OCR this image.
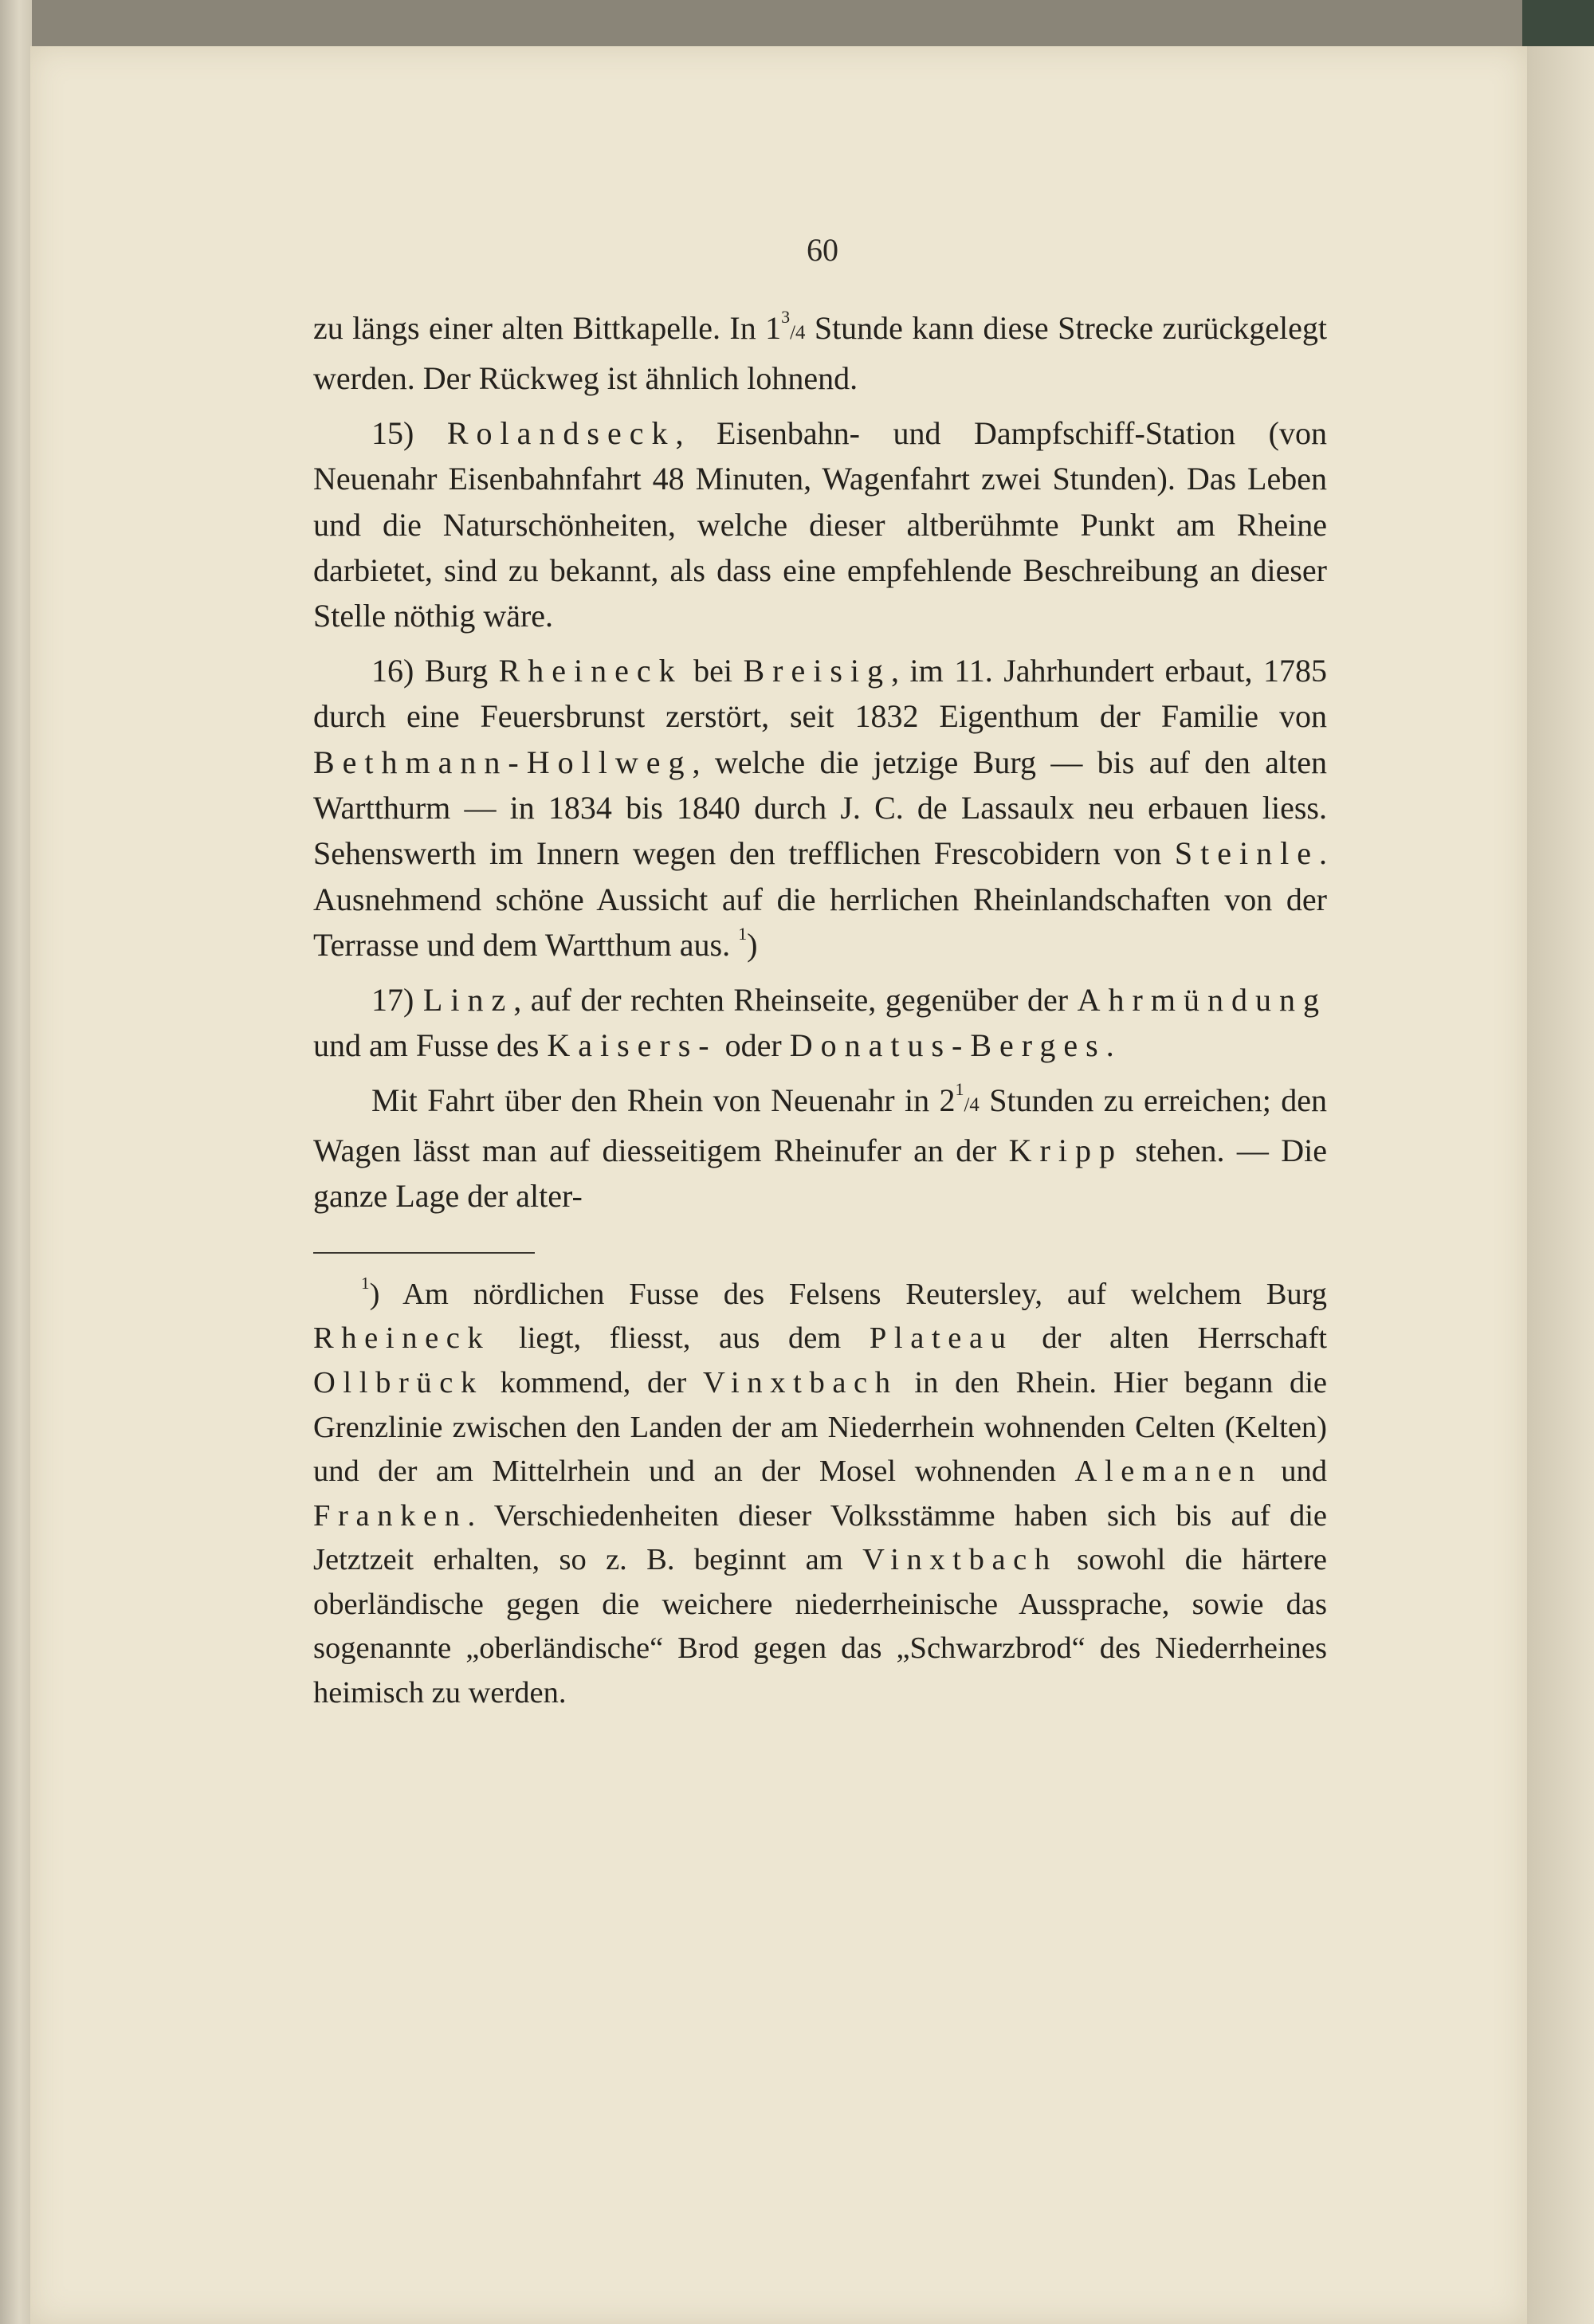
60

zu längs einer alten Bittkapelle. In $1^3/4$ Stunde kann diese Strecke zurückgelegt werden. Der Rückweg ist ähnlich lohnend.

15) Rolandseck, Eisenbahn- und Dampfschiff-Station (von Neuenahr Eisenbahnfahrt 48 Minuten, Wagenfahrt zwei Stunden). Das Leben und die Naturschönheiten, welche dieser altberühmte Punkt am Rheine darbietet, sind zu bekannt, als dass eine empfehlende Beschreibung an dieser Stelle nöthig wäre.

16) Burg Rheineck bei Breisig, im 11. Jahrhundert erbaut, 1785 durch eine Feuersbrunst zerstört, seit 1832 Eigenthum der Familie von Bethmann-Hollweg, welche die jetzige Burg — bis auf den alten Wartthurm — in 1834 bis 1840 durch J. C. de Lassaulx neu erbauen liess. Sehenswerth im Innern wegen den trefflichen Frescobidern von Steinle. Ausnehmend schöne Aussicht auf die herrlichen Rheinlandschaften von der Terrasse und dem Wartthum aus. $^1$)

17) Linz, auf der rechten Rheinseite, gegenüber der Ahrmündung und am Fusse des Kaisers- oder Donatus-Berges.

Mit Fahrt über den Rhein von Neuenahr in $2^1/4$ Stunden zu erreichen; den Wagen lässt man auf diesseitigem Rheinufer an der Kripp stehen. — Die ganze Lage der alter-

$^1$) Am nördlichen Fusse des Felsens Reutersley, auf welchem Burg Rheineck liegt, fliesst, aus dem Plateau der alten Herrschaft Ollbrück kommend, der Vinxtbach in den Rhein. Hier begann die Grenzlinie zwischen den Landen der am Niederrhein wohnenden Celten (Kelten) und der am Mittelrhein und an der Mosel wohnenden Alemanen und Franken. Verschiedenheiten dieser Volksstämme haben sich bis auf die Jetztzeit erhalten, so z. B. beginnt am Vinxtbach sowohl die härtere oberländische gegen die weichere niederrheinische Aussprache, sowie das sogenannte „oberländische“ Brod gegen das „Schwarzbrod“ des Niederrheines heimisch zu werden.
